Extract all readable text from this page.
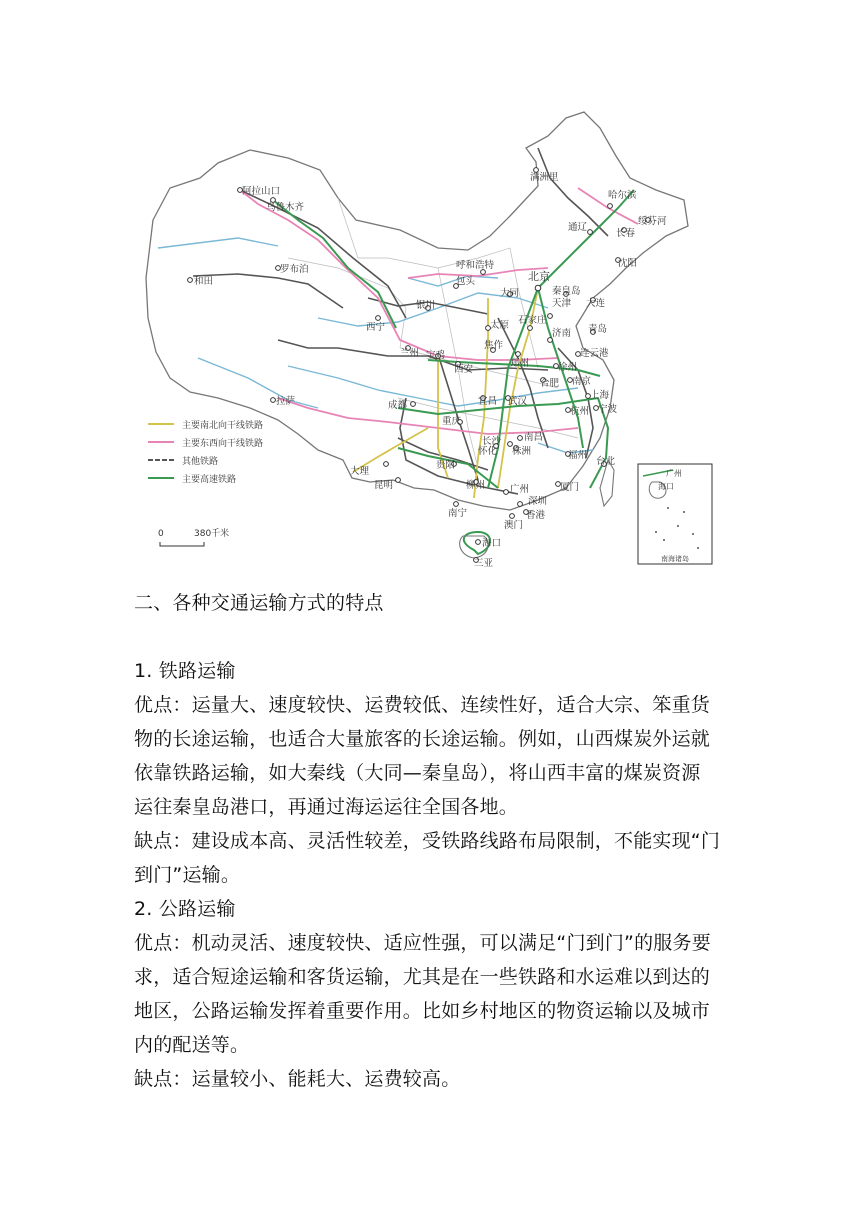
南海诸岛
广州
海口
阿拉山口
乌鲁木齐
和田
罗布泊
拉萨
西宁
兰州
银川
包头
呼和浩特
北京
天津
大同	秦皇岛
大连
沈阳
长春
哈尔滨
绥芬河
满洲里
通辽
太原 石家庄
济南 青岛
连云港
徐州
郑州
焦作
宝鸡
西安
合肥 南京
上海
宁波
武汉
宜昌
成都
重庆
长沙 南昌
杭州
福州
厦门
台北
贵阳
怀化 株洲
昆明
大理
柳州
南宁
广州
深圳
香港
澳门
海口
三亚
主要南北向干线铁路
主要东西向干线铁路
其他铁路
主要高速铁路
0	380千米
二、各种交通运输方式的特点
1. 铁路运输
优点：运量大、速度较快、运费较低、连续性好，适合大宗、笨重货
物的长途运输，也适合大量旅客的长途运输。例如，山西煤炭外运就
依靠铁路运输，如大秦线（大同—秦皇岛），将山西丰富的煤炭资源
运往秦皇岛港口，再通过海运运往全国各地。
缺点：建设成本高、灵活性较差，受铁路线路布局限制，不能实现“门
到门”运输。
2. 公路运输
优点：机动灵活、速度较快、适应性强，可以满足“门到门”的服务要
求，适合短途运输和客货运输，尤其是在一些铁路和水运难以到达的
地区，公路运输发挥着重要作用。比如乡村地区的物资运输以及城市
内的配送等。
缺点：运量较小、能耗大、运费较高。
